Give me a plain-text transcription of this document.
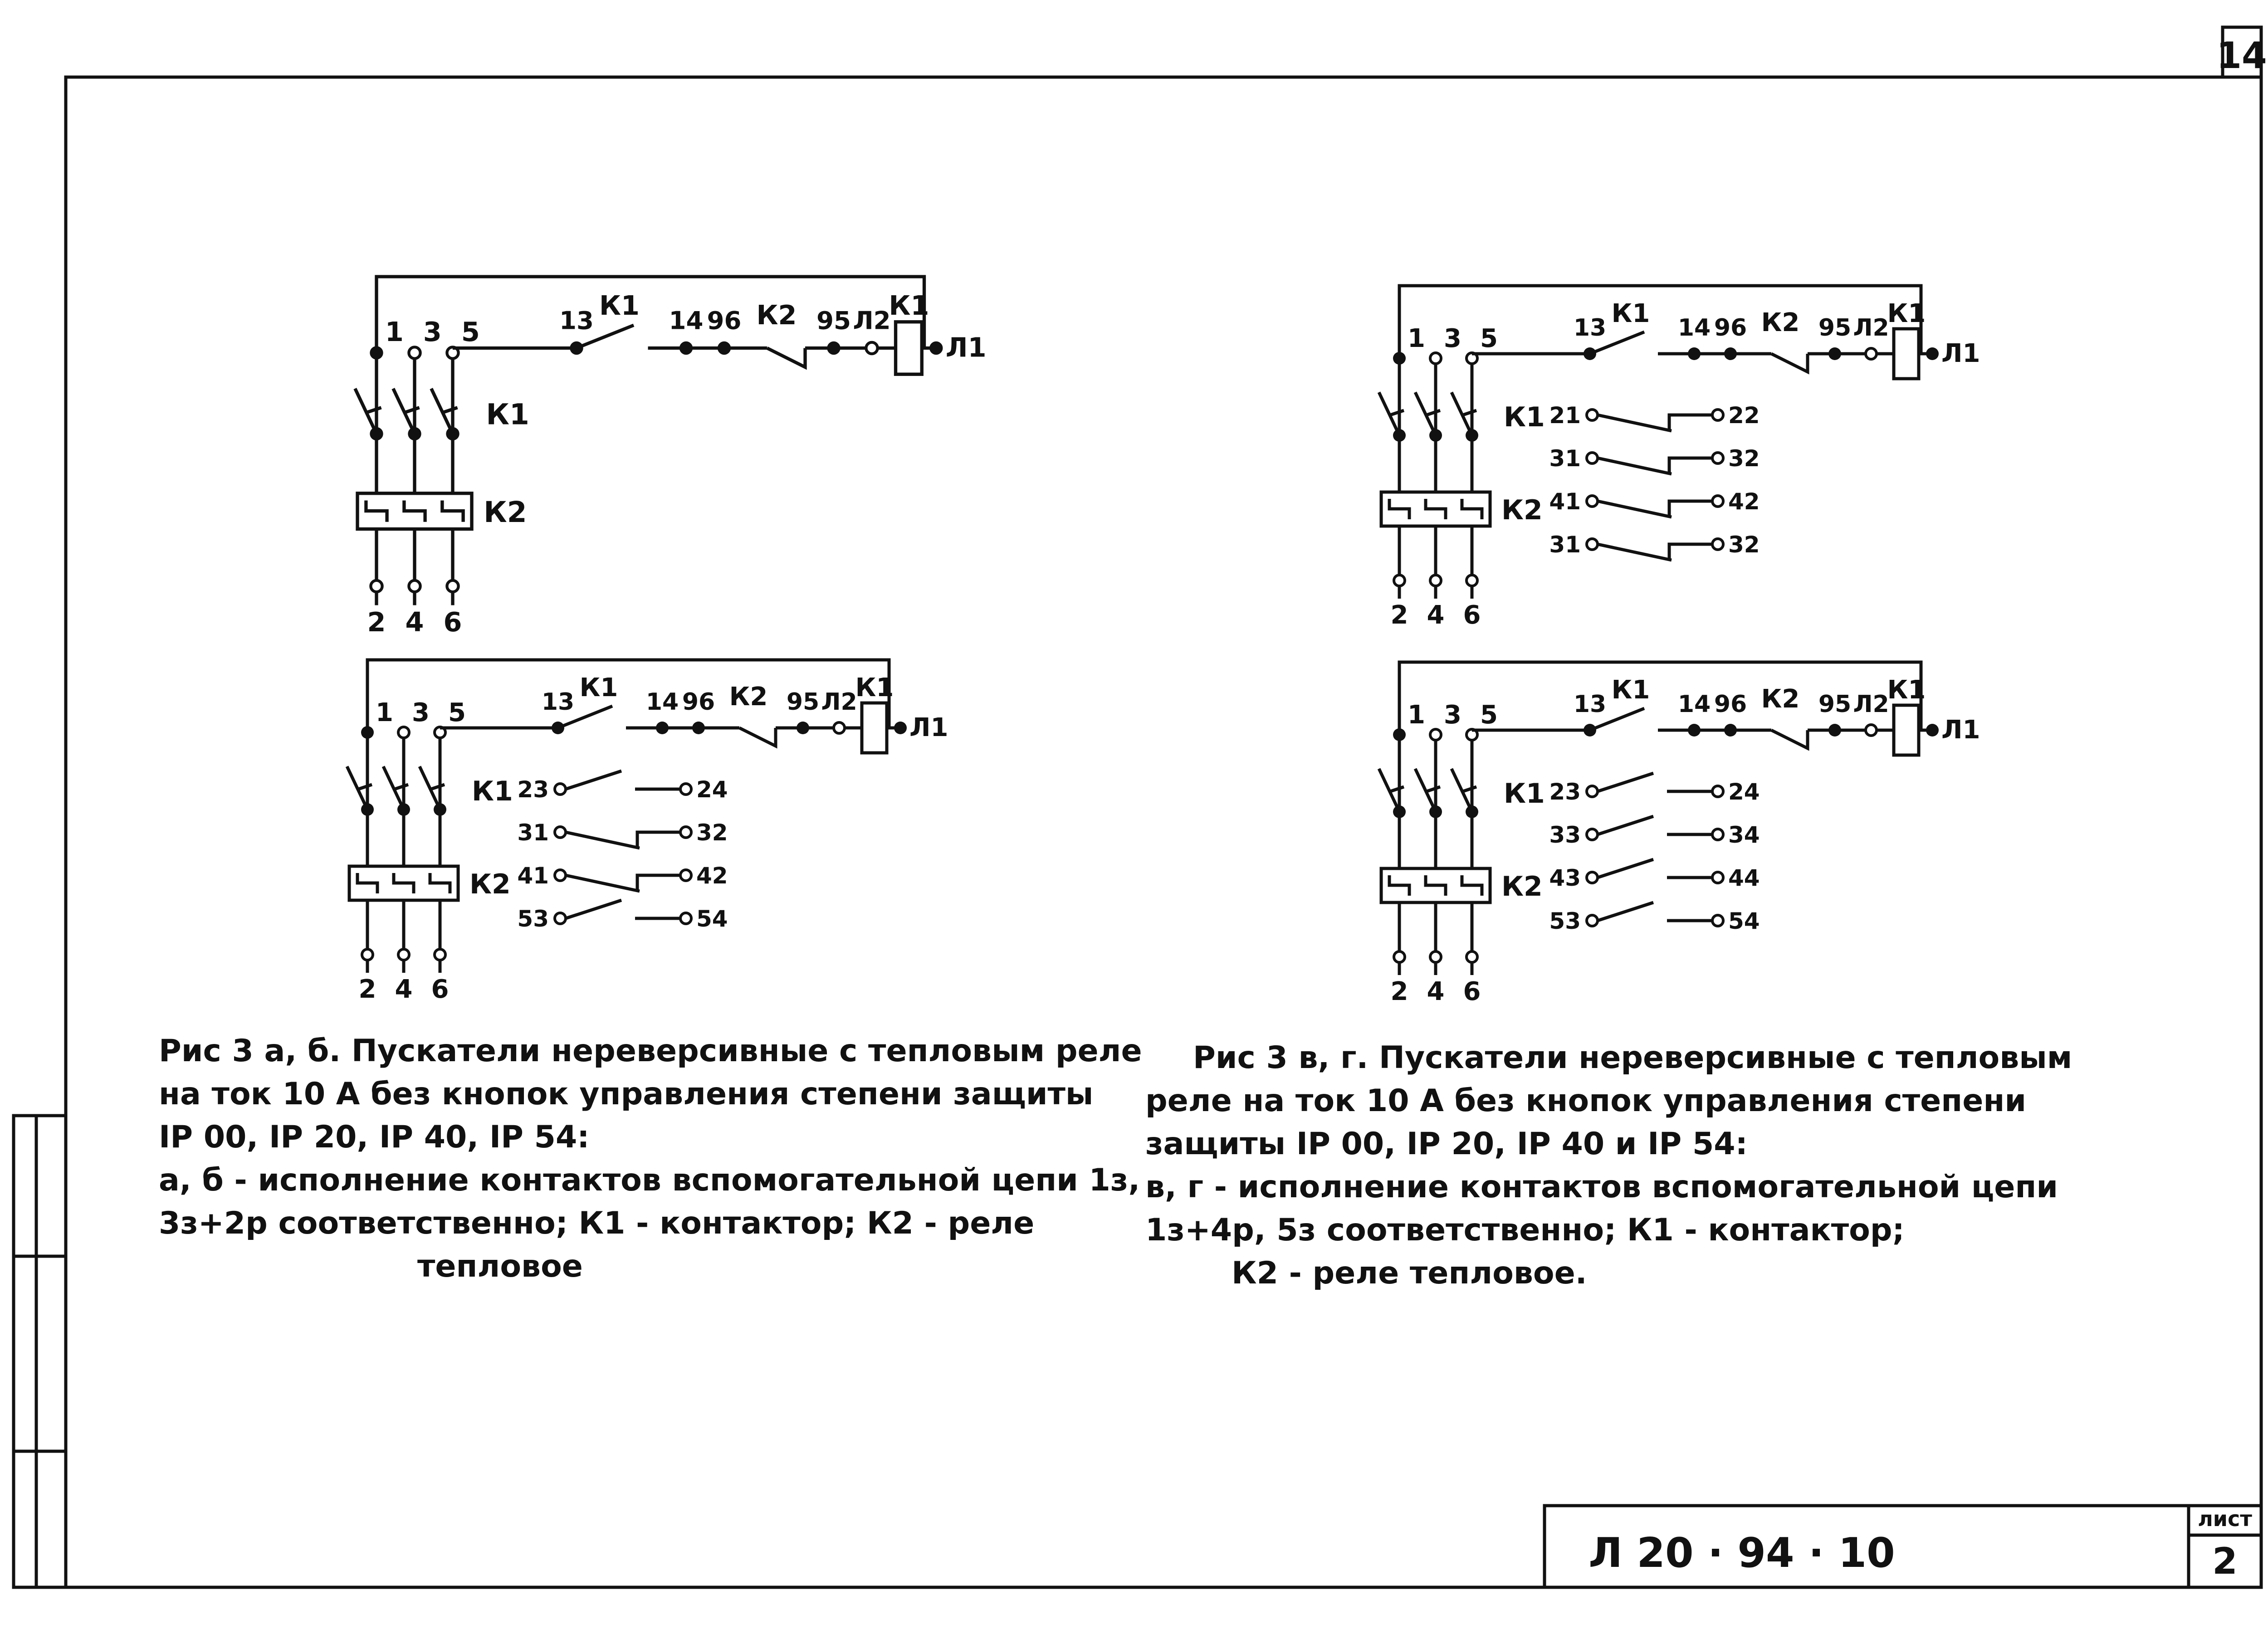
14
Л 20 · 94 · 10
лист
2
1
2
3
4
5
6
К1
К2
13 К1 14 96 К2 95 Л2
К1
Л1
1
2
3
4
5
6
К1
К2
13 К1 14 96 К2 95 Л2
К1
Л1
23	24
31	32
41	42
53	54
1
2
3
4
5
6
К1
К2
13 К1 14 96 К2 95 Л2
К1
Л1
21	22
31	32
41	42
31	32
1
2
3
4
5
6
К1
К2
13 К1 14 96 К2 95 Л2
К1
Л1
23	24
33	34
43	44
53	54
Рис 3 а, б. Пускатели нереверсивные с тепловым реле
на ток 10 А без кнопок управления степени защиты
IP 00, IP 20, IP 40, IP 54:
а, б - исполнение контактов вспомогательной цепи 1з,
3з+2р соответственно; К1 - контактор; К2 - реле
тепловое
Рис 3 в, г. Пускатели нереверсивные с тепловым
реле на ток 10 А без кнопок управления степени
защиты IP 00, IP 20, IP 40 и IP 54:
в, г - исполнение контактов вспомогательной цепи
1з+4р, 5з соответственно; К1 - контактор;
К2 - реле тепловое.
